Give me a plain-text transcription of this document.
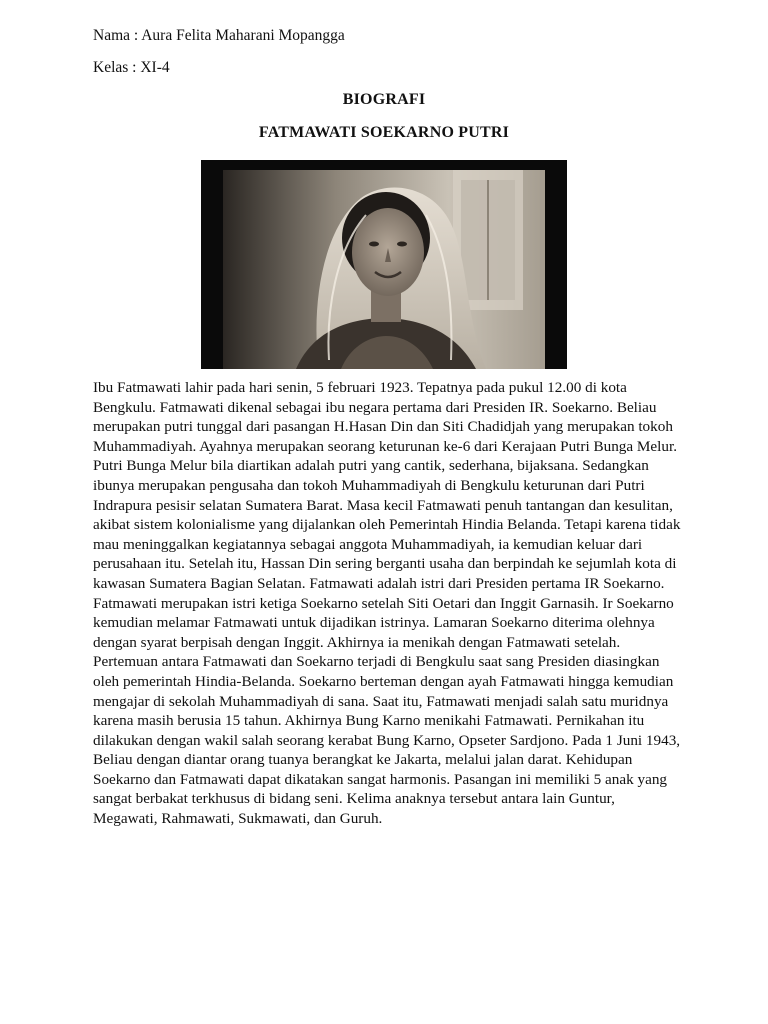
Nama : Aura Felita Maharani Mopangga
Kelas : XI-4
BIOGRAFI
FATMAWATI SOEKARNO PUTRI

Ibu Fatmawati lahir pada hari senin, 5 februari 1923. Tepatnya pada pukul 12.00 di kota Bengkulu. Fatmawati dikenal sebagai ibu negara pertama dari Presiden IR. Soekarno. Beliau merupakan putri tunggal dari pasangan H.Hasan Din dan Siti Chadidjah yang merupakan tokoh Muhammadiyah. Ayahnya merupakan seorang keturunan ke-6 dari Kerajaan Putri Bunga Melur. Putri Bunga Melur bila diartikan adalah putri yang cantik, sederhana, bijaksana. Sedangkan ibunya merupakan pengusaha dan tokoh Muhammadiyah di Bengkulu keturunan dari Putri Indrapura pesisir selatan Sumatera Barat. Masa kecil Fatmawati penuh tantangan dan kesulitan, akibat sistem kolonialisme yang dijalankan oleh Pemerintah Hindia Belanda. Tetapi karena tidak mau meninggalkan kegiatannya sebagai anggota Muhammadiyah, ia kemudian keluar dari perusahaan itu. Setelah itu, Hassan Din sering berganti usaha dan berpindah ke sejumlah kota di kawasan Sumatera Bagian Selatan. Fatmawati adalah istri dari Presiden pertama IR Soekarno. Fatmawati merupakan istri ketiga Soekarno setelah Siti Oetari dan Inggit Garnasih. Ir Soekarno kemudian melamar Fatmawati untuk dijadikan istrinya. Lamaran Soekarno diterima olehnya dengan syarat berpisah dengan Inggit. Akhirnya ia menikah dengan Fatmawati setelah. Pertemuan antara Fatmawati dan Soekarno terjadi di Bengkulu saat sang Presiden diasingkan oleh pemerintah Hindia-Belanda. Soekarno berteman dengan ayah Fatmawati hingga kemudian mengajar di sekolah Muhammadiyah di sana. Saat itu, Fatmawati menjadi salah satu muridnya karena masih berusia 15 tahun. Akhirnya Bung Karno menikahi Fatmawati. Pernikahan itu dilakukan dengan wakil salah seorang kerabat Bung Karno, Opseter Sardjono. Pada 1 Juni 1943, Beliau dengan diantar orang tuanya berangkat ke Jakarta, melalui jalan darat. Kehidupan Soekarno dan Fatmawati dapat dikatakan sangat harmonis. Pasangan ini memiliki 5 anak yang sangat berbakat terkhusus di bidang seni. Kelima anaknya tersebut antara lain Guntur, Megawati, Rahmawati, Sukmawati, dan Guruh.
